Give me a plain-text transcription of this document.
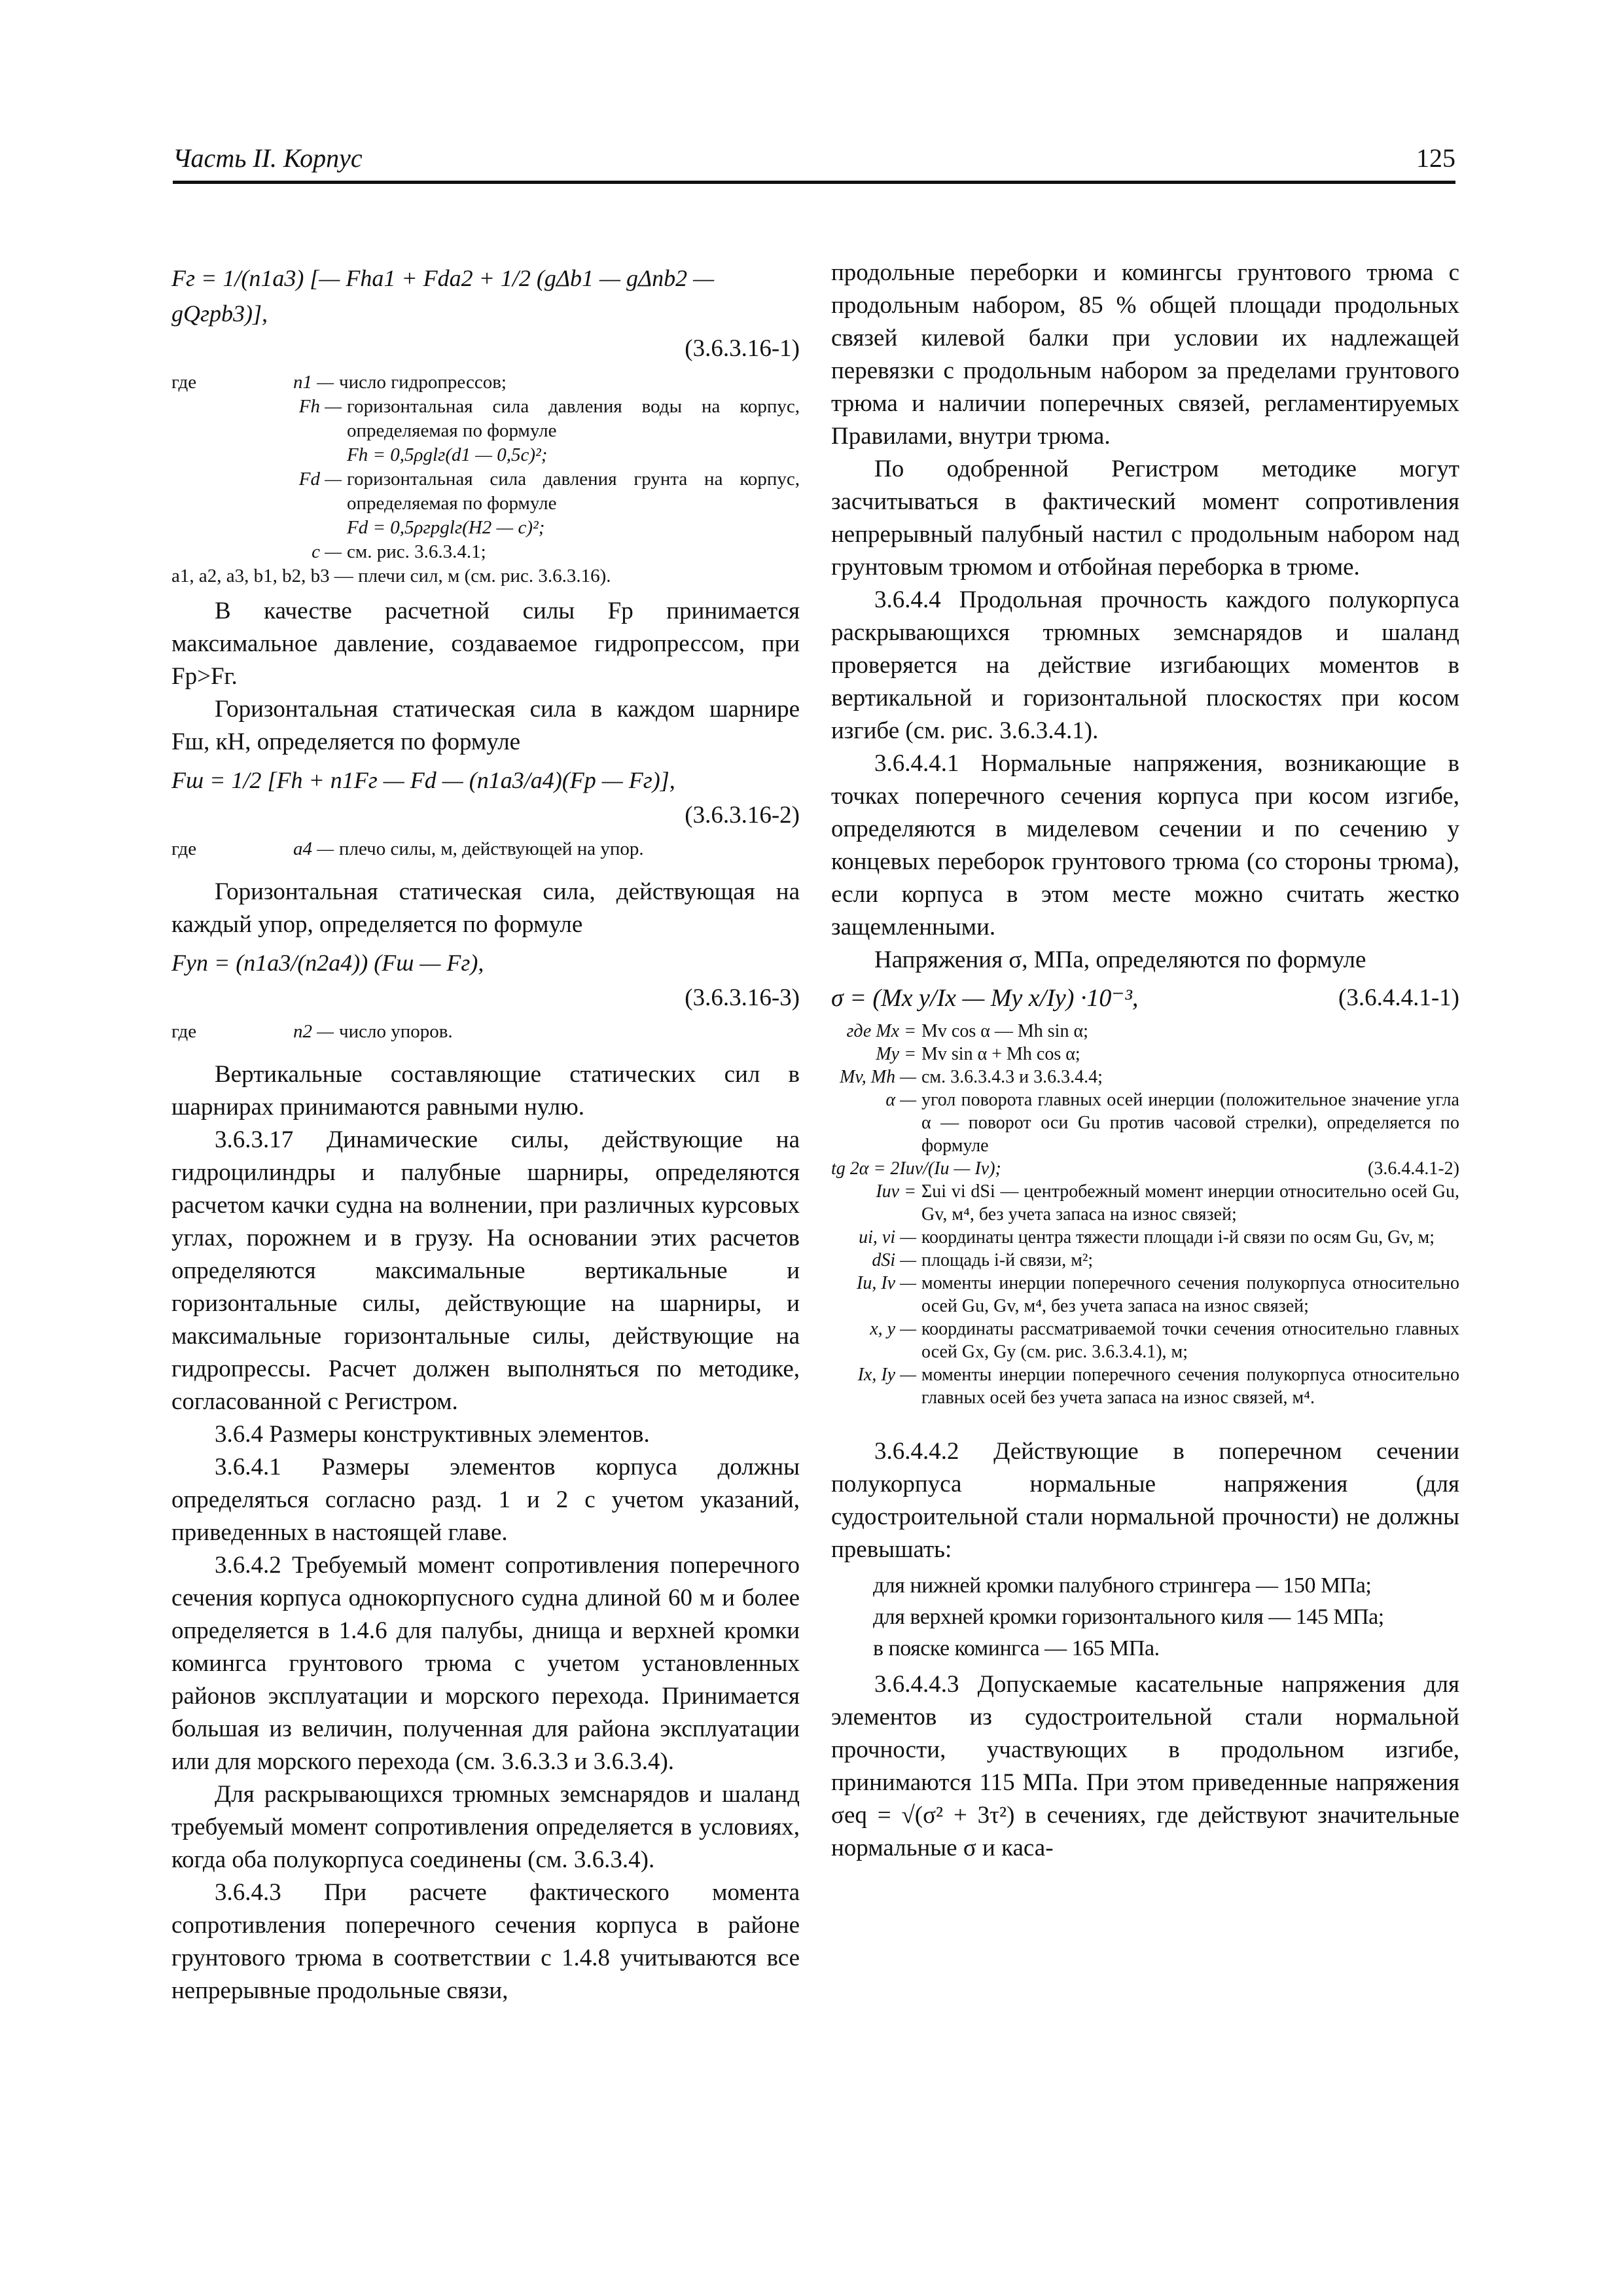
Часть II. Корпус	125
Fг = 1/(n1a3) [— Fha1 + Fda2 + 1/2 (gΔb1 — gΔпb2 — gQгрb3)],
(3.6.3.16-1)
где	n1 — число гидропрессов;
Fh — горизонтальная сила давления воды на корпус, определяемая по формуле
Fh = 0,5ρglг(d1 — 0,5c)²;
Fd — горизонтальная сила давления грунта на корпус, определяемая по формуле
Fd = 0,5ρгрglг(H2 — c)²;
c — см. рис. 3.6.3.4.1;
a1, a2, a3, b1, b2, b3 — плечи сил, м (см. рис. 3.6.3.16).

В качестве расчетной силы Fр принимается максимальное давление, создаваемое гидропрессом, при Fр>Fг.

Горизонтальная статическая сила в каждом шарнире Fш, кН, определяется по формуле

Fш = 1/2 [Fh + n1Fг — Fd — (n1a3/a4)(Fр — Fг)],
(3.6.3.16-2)
где	a4 — плечо силы, м, действующей на упор.

Горизонтальная статическая сила, действующая на каждый упор, определяется по формуле

Fуп = (n1a3/(n2a4)) (Fш — Fг),
(3.6.3.16-3)
где	n2 — число упоров.

Вертикальные составляющие статических сил в шарнирах принимаются равными нулю.

3.6.3.17 Динамические силы, действующие на гидроцилиндры и палубные шарниры, определяются расчетом качки судна на волнении, при различных курсовых углах, порожнем и в грузу. На основании этих расчетов определяются максимальные вертикальные и горизонтальные силы, действующие на шарниры, и максимальные горизонтальные силы, действующие на гидропрессы. Расчет должен выполняться по методике, согласованной с Регистром.

3.6.4 Размеры конструктивных элементов.

3.6.4.1 Размеры элементов корпуса должны определяться согласно разд. 1 и 2 с учетом указаний, приведенных в настоящей главе.

3.6.4.2 Требуемый момент сопротивления поперечного сечения корпуса однокорпусного судна длиной 60 м и более определяется в 1.4.6 для палубы, днища и верхней кромки комингса грунтового трюма с учетом установленных районов эксплуатации и морского перехода. Принимается большая из величин, полученная для района эксплуатации или для морского перехода (см. 3.6.3.3 и 3.6.3.4).

Для раскрывающихся трюмных земснарядов и шаланд требуемый момент сопротивления определяется в условиях, когда оба полукорпуса соединены (см. 3.6.3.4).

3.6.4.3 При расчете фактического момента сопротивления поперечного сечения корпуса в районе грунтового трюма в соответствии с 1.4.8 учитываются все непрерывные продольные связи,

продольные переборки и комингсы грунтового трюма с продольным набором, 85 % общей площади продольных связей килевой балки при условии их надлежащей перевязки с продольным набором за пределами грунтового трюма и наличии поперечных связей, регламентируемых Правилами, внутри трюма.

По одобренной Регистром методике могут засчитываться в фактический момент сопротивления непрерывный палубный настил с продольным набором над грунтовым трюмом и отбойная переборка в трюме.

3.6.4.4 Продольная прочность каждого полукорпуса раскрывающихся трюмных земснарядов и шаланд проверяется на действие изгибающих моментов в вертикальной и горизонтальной плоскостях при косом изгибе (см. рис. 3.6.3.4.1).

3.6.4.4.1 Нормальные напряжения, возникающие в точках поперечного сечения корпуса при косом изгибе, определяются в миделевом сечении и по сечению у концевых переборок грунтового трюма (со стороны трюма), если корпуса в этом месте можно считать жестко защемленными.

Напряжения σ, МПа, определяются по формуле

σ = (Mx y/Ix — My x/Iy) ·10⁻³,	(3.6.4.4.1-1)
где Mx = Mv cos α — Mh sin α;
My = Mv sin α + Mh cos α;
Mv, Mh — см. 3.6.3.4.3 и 3.6.3.4.4;
α — угол поворота главных осей инерции (положительное значение угла α — поворот оси Gu против часовой стрелки), определяется по формуле
tg 2α = 2Iuv/(Iu — Iv);	(3.6.4.4.1-2)
Iuv = Σui vi dSi — центробежный момент инерции относительно осей Gu, Gv, м⁴, без учета запаса на износ связей;
ui, vi — координаты центра тяжести площади i-й связи по осям Gu, Gv, м;
dSi — площадь i-й связи, м²;
Iu, Iv — моменты инерции поперечного сечения полукорпуса относительно осей Gu, Gv, м⁴, без учета запаса на износ связей;
x, y — координаты рассматриваемой точки сечения относительно главных осей Gx, Gy (см. рис. 3.6.3.4.1), м;
Ix, Iy — моменты инерции поперечного сечения полукорпуса относительно главных осей без учета запаса на износ связей, м⁴.

3.6.4.4.2 Действующие в поперечном сечении полукорпуса нормальные напряжения (для судостроительной стали нормальной прочности) не должны превышать:

для нижней кромки палубного стрингера — 150 МПа;
для верхней кромки горизонтального киля — 145 МПа;
в пояске комингса — 165 МПа.

3.6.4.4.3 Допускаемые касательные напряжения для элементов из судостроительной стали нормальной прочности, участвующих в продольном изгибе, принимаются 115 МПа. При этом приведенные напряжения σeq = √(σ² + 3τ²) в сечениях, где действуют значительные нормальные σ и каса-
